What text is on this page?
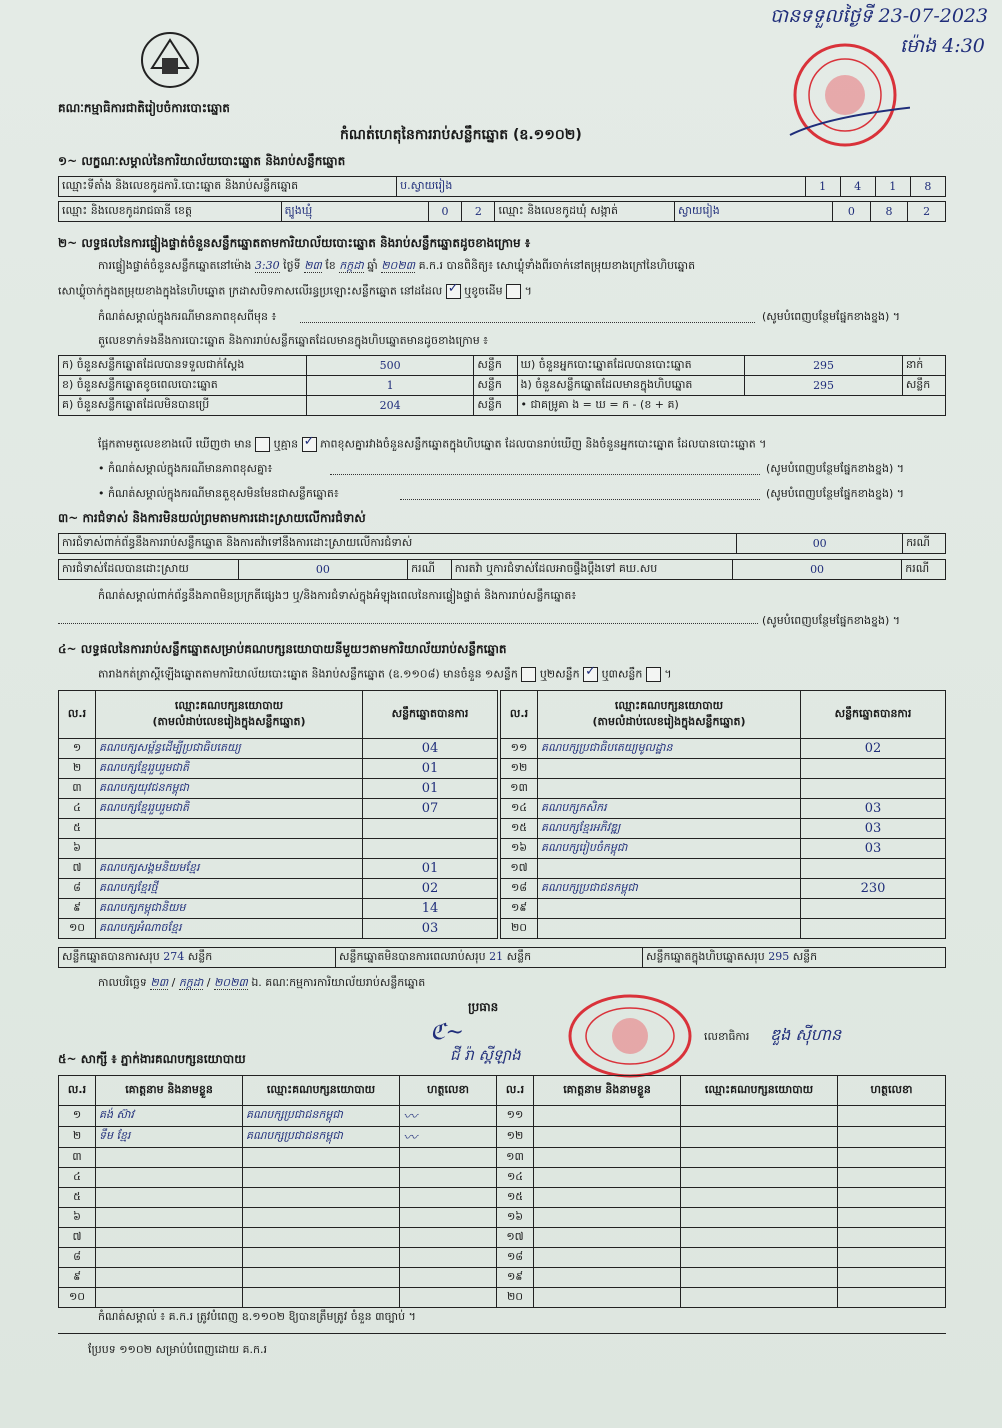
បានទទួលថ្ងៃទី 23-07-2023
ម៉ោង 4:30
គណៈកម្មាធិការជាតិរៀបចំការបោះឆ្នោត
កំណត់ហេតុនៃការរាប់សន្លឹកឆ្នោត (ឧ.១១០២)
១~ លក្ខណៈសម្គាល់នៃការិយាល័យបោះឆ្នោត និងរាប់សន្លឹកឆ្នោត
ឈ្មោះទីតាំង និងលេខកូដការិ.បោះឆ្នោត និងរាប់សន្លឹកឆ្នោត	ប.ស្វាយរៀង	1	4	1	8
ឈ្មោះ និងលេខកូដរាជធានី ខេត្ត	ត្បូងឃ្មុំ	0	2	ឈ្មោះ និងលេខកូដឃុំ សង្កាត់	ស្វាយរៀង	0	8	2
២~ លទ្ធផលនៃការផ្ទៀងផ្ទាត់ចំនួនសន្លឹកឆ្នោតតាមការិយាល័យបោះឆ្នោត និងរាប់សន្លឹកឆ្នោតដូចខាងក្រោម ៖
ការផ្ទៀងផ្ទាត់ចំនួនសន្លឹកឆ្នោតនៅម៉ោង 3:30 ថ្ងៃទី ២៣ ខែ កក្កដា ឆ្នាំ ២០២៣ គ.ក.រ បានពិនិត្យ៖ សោឃ្លុំទាំងពីរចាក់នៅតម្រុយខាងក្រៅនៃហិបឆ្នោត
សោឃ្លុំចាក់ក្នុងតម្រុយខាងក្នុងនៃហិបឆ្នោត ក្រដាសបិទភាសលើរន្ធប្រឡោះសន្លឹកឆ្នោត នៅដដែល ✓ ឬខូចដើម  ។
កំណត់សម្គាល់ក្នុងករណីមានភាពខុសពីមុន ៖	(សូមបំពេញបន្ថែមផ្នែកខាងខ្នង) ។
តួលេខទាក់ទងនឹងការបោះឆ្នោត និងការរាប់សន្លឹកឆ្នោតដែលមានក្នុងហិបឆ្នោតមានដូចខាងក្រោម ៖
ក) ចំនួនសន្លឹកឆ្នោតដែលបានទទួលជាក់ស្តែង	500	សន្លឹក	ឃ) ចំនួនអ្នកបោះឆ្នោតដែលបានបោះឆ្នោត	295	នាក់
ខ) ចំនួនសន្លឹកឆ្នោតខូចពេលបោះឆ្នោត	1	សន្លឹក	ង) ចំនួនសន្លឹកឆ្នោតដែលមានក្នុងហិបឆ្នោត	295	សន្លឹក
គ) ចំនួនសន្លឹកឆ្នោតដែលមិនបានប្រើ	204	សន្លឹក	• ជាគម្រូគា ង = ឃ = ក - (ខ + គ)		
ផ្អែកតាមតួលេខខាងលើ ឃើញថា មាន ឬគ្មាន ✓ ភាពខុសគ្នារវាងចំនួនសន្លឹកឆ្នោតក្នុងហិបឆ្នោត ដែលបានរាប់ឃើញ និងចំនួនអ្នកបោះឆ្នោត ដែលបានបោះឆ្នោត ។
• កំណត់សម្គាល់ក្នុងករណីមានភាពខុសគ្នា៖	(សូមបំពេញបន្ថែមផ្នែកខាងខ្នង) ។
• កំណត់សម្គាល់ក្នុងករណីមានតួខុសមិនមែនជាសន្លឹកឆ្នោត៖	(សូមបំពេញបន្ថែមផ្នែកខាងខ្នង) ។
៣~ ការជំទាស់ និងការមិនយល់ព្រមតាមការដោះស្រាយលើការជំទាស់
ការជំទាស់ពាក់ព័ន្ធនឹងការរាប់សន្លឹកឆ្នោត និងការតវ៉ាទៅនឹងការដោះស្រាយលើការជំទាស់	00	ករណី
ការជំទាស់ដែលបានដោះស្រាយ	00	ករណី	ការតវ៉ា ឬការជំទាស់ដែលអាចផ្ទឹងប្តឹងទៅ គឃ.សប	00	ករណី
កំណត់សម្គាល់ពាក់ព័ន្ធនឹងភាពមិនប្រក្រតីផ្សេងៗ ឬ/និងការជំទាស់ក្នុងអំឡុងពេលនៃការផ្ទៀងផ្ទាត់ និងការរាប់សន្លឹកឆ្នោត៖
(សូមបំពេញបន្ថែមផ្នែកខាងខ្នង) ។
៤~ លទ្ធផលនៃការរាប់សន្លឹកឆ្នោតសម្រាប់គណបក្សនយោបាយនីមួយៗតាមការិយាល័យរាប់សន្លឹកឆ្នោត
តារាងកត់ត្រាស្តីឡើងឆ្នោតតាមការិយាល័យបោះឆ្នោត និងរាប់សន្លឹកឆ្នោត (ឧ.១១០៨) មានចំនួន ១សន្លឹក ឬ២សន្លឹក ✓ ឬ៣សន្លឹក  ។
ល.រ	ឈ្មោះគណបក្សនយោបាយ
(តាមលំដាប់លេខរៀងក្នុងសន្លឹកឆ្នោត)	សន្លឹកឆ្នោតបានការ
១	គណបក្សសម្ព័ន្ធដើម្បីប្រជាធិបតេយ្យ	04
២	គណបក្សខ្មែររួបរួមជាតិ	01
៣	គណបក្សយុវជនកម្ពុជា	01
៤	គណបក្សខ្មែររួបរួមជាតិ	07
៥		
៦		
៧	គណបក្សសង្គមនិយមខ្មែរ	01
៨	គណបក្សខ្មែរថ្មី	02
៩	គណបក្សកម្ពុជានិយម	14
១០	គណបក្សអំណាចខ្មែរ	03
ល.រ	ឈ្មោះគណបក្សនយោបាយ
(តាមលំដាប់លេខរៀងក្នុងសន្លឹកឆ្នោត)	សន្លឹកឆ្នោតបានការ
១១	គណបក្សប្រជាធិបតេយ្យមូលដ្ឋាន	02
១២		
១៣		
១៤	គណបក្សកសិករ	03
១៥	គណបក្សខ្មែរអភិវឌ្ឍ	03
១៦	គណបក្សរៀបចំកម្ពុជា	03
១៧		
១៨	គណបក្សប្រជាជនកម្ពុជា	230
១៩		
២០		
សន្លឹកឆ្នោតបានការសរុប 274 សន្លឹក	សន្លឹកឆ្នោតមិនបានការពេលរាប់សរុប 21 សន្លឹក	សន្លឹកឆ្នោតក្នុងហិបឆ្នោតសរុប 295 សន្លឹក
កាលបរិច្ឆេទ ២៣ / កក្កដា / ២០២៣ ឯ. គណៈកម្មការការិយាល័យរាប់សន្លឹកឆ្នោត
ប្រធាន
ℭ~
ជី រ៉ា ស្តីឡាង
លេខាធិការ ឌួង ស៊ីហាន
៥~ សាក្សី ៖ ភ្នាក់ងារគណបក្សនយោបាយ
ល.រ	គោត្តនាម និងនាមខ្លួន	ឈ្មោះគណបក្សនយោបាយ	ហត្ថលេខា	ល.រ	គោត្តនាម និងនាមខ្លួន	ឈ្មោះគណបក្សនយោបាយ	ហត្ថលេខា
១	គង់ ស៊ាវ	គណបក្សប្រជាជនកម្ពុជា	〰	១១			
២	ទឹម ខ្មែរ	គណបក្សប្រជាជនកម្ពុជា	〰	១២			
៣				១៣			
៤				១៤			
៥				១៥			
៦				១៦			
៧				១៧			
៨				១៨			
៩				១៩			
១០				២០			
កំណត់សម្គាល់ ៖ គ.ក.រ ត្រូវបំពេញ ឧ.១១០២ ឱ្យបានត្រឹមត្រូវ ចំនួន ៣ច្បាប់ ។
ប្រែបទ ១១០២ សម្រាប់បំពេញដោយ គ.ក.រ
